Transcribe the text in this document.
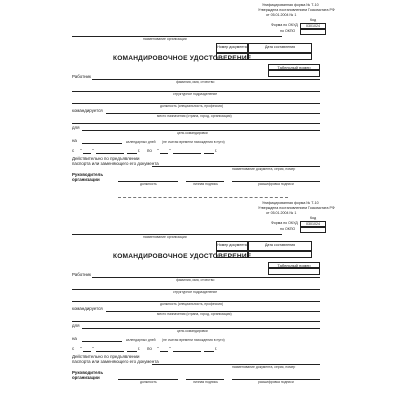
Унифицированная форма № Т-10
Утверждена постановлением Госкомстата РФ
от 05.01.2004 № 1
Код
Форма по ОКУД	0301024
по ОКПО
наименование организации
Номер документа	Дата составления
КОМАНДИРОВОЧНОЕ УДОСТОВЕРЕНИЕ
Табельный номер
Работник
фамилия, имя, отчество
структурное подразделение
должность (специальность, профессия)
командируется
место назначения (страна, город, организация)
для
цель командировки
на	календарных дней (не считая времени нахождения в пути)
с " "	г. по " "	г.
Действительно по предъявлении
паспорта или заменяющего его документа
наименование документа, серия, номер
Руководитель
организации
должность	личная подпись	расшифровка подписи
Унифицированная форма № Т-10
Утверждена постановлением Госкомстата РФ
от 05.01.2004 № 1
Код
Форма по ОКУД	0301024
по ОКПО
наименование организации
Номер документа	Дата составления
КОМАНДИРОВОЧНОЕ УДОСТОВЕРЕНИЕ
Табельный номер
Работник
фамилия, имя, отчество
структурное подразделение
должность (специальность, профессия)
командируется
место назначения (страна, город, организация)
для
цель командировки
на	календарных дней (не считая времени нахождения в пути)
с " "	г. по " "	г.
Действительно по предъявлении
паспорта или заменяющего его документа
наименование документа, серия, номер
Руководитель
организации
должность	личная подпись	расшифровка подписи
